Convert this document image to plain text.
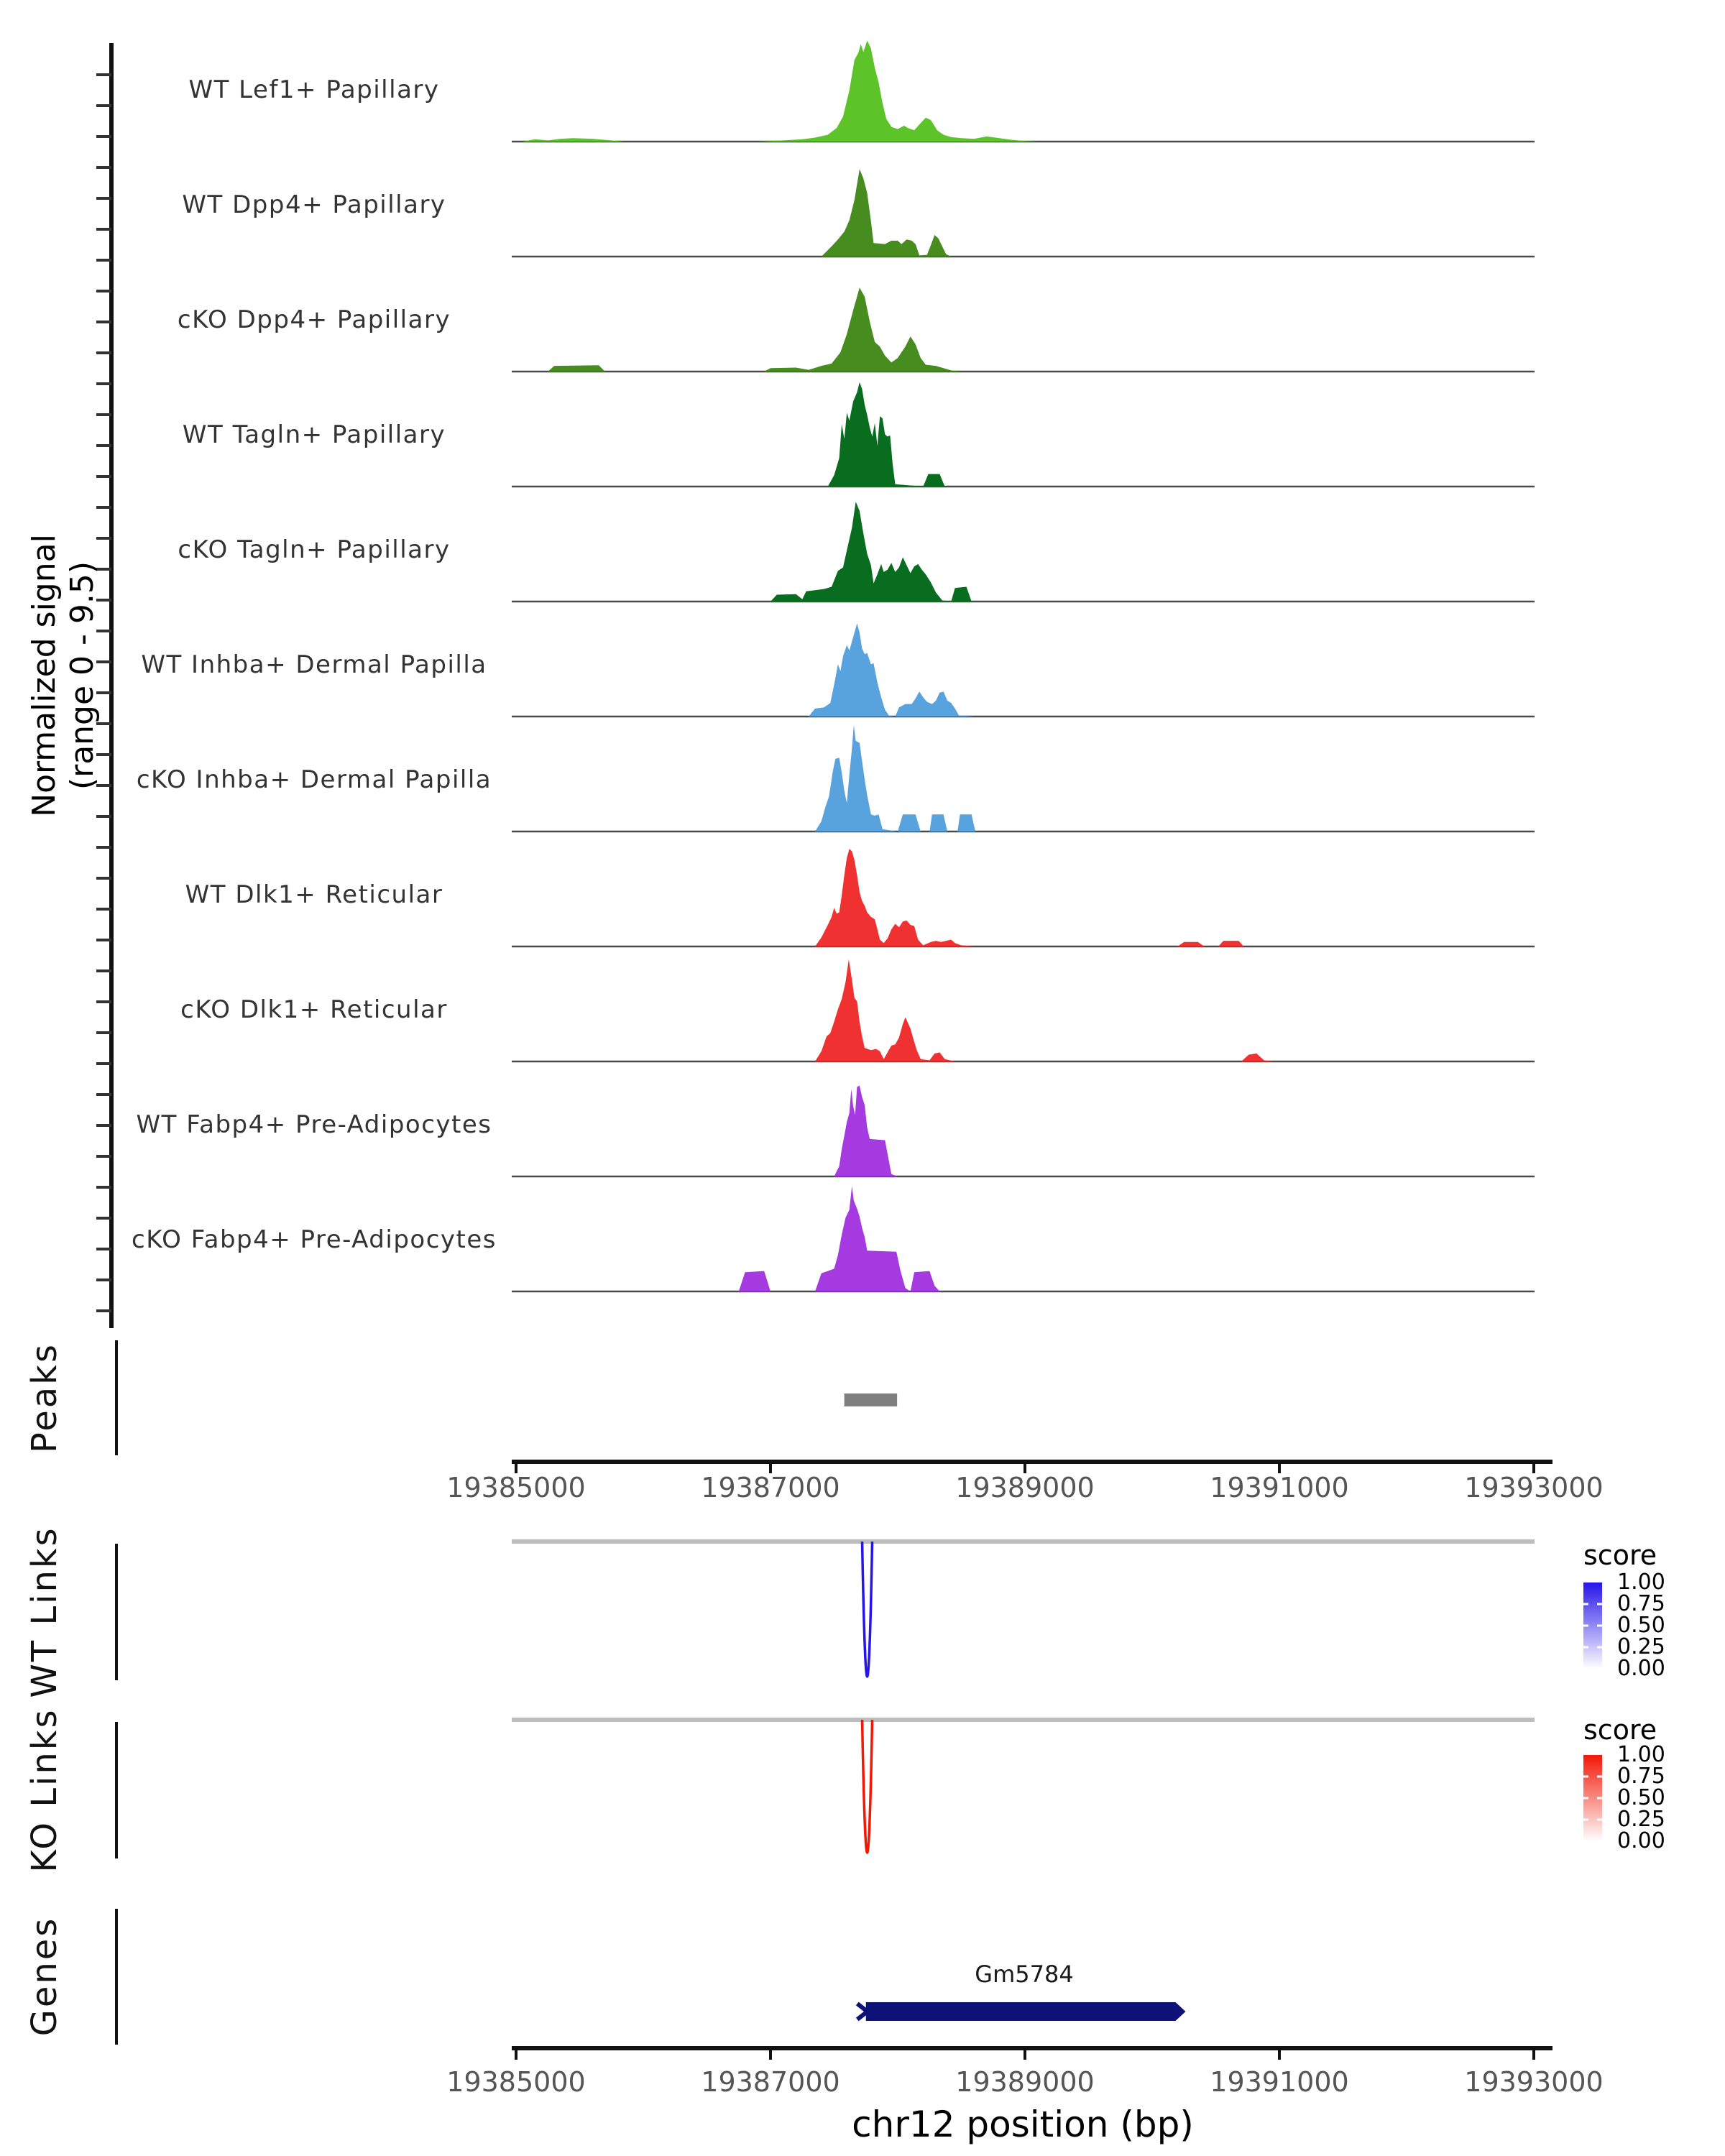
Normalized signal (range 0 - 9.5)
WT Lef1+ Papillary
WT Dpp4+ Papillary
cKO Dpp4+ Papillary
WT Tagln+ Papillary
cKO Tagln+ Papillary
WT Inhba+ Dermal Papilla
cKO Inhba+ Dermal Papilla
WT Dlk1+ Reticular
cKO Dlk1+ Reticular
WT Fabp4+ Pre-Adipocytes
cKO Fabp4+ Pre-Adipocytes
Peaks
WT Links
KO Links
Genes
19385000	19387000	19389000	19391000	19393000
19385000	19387000	19389000	19391000	19393000
chr12 position (bp)
Gm5784
score
1.00
0.75
0.50
0.25
0.00
score
1.00
0.75
0.50
0.25
0.00
